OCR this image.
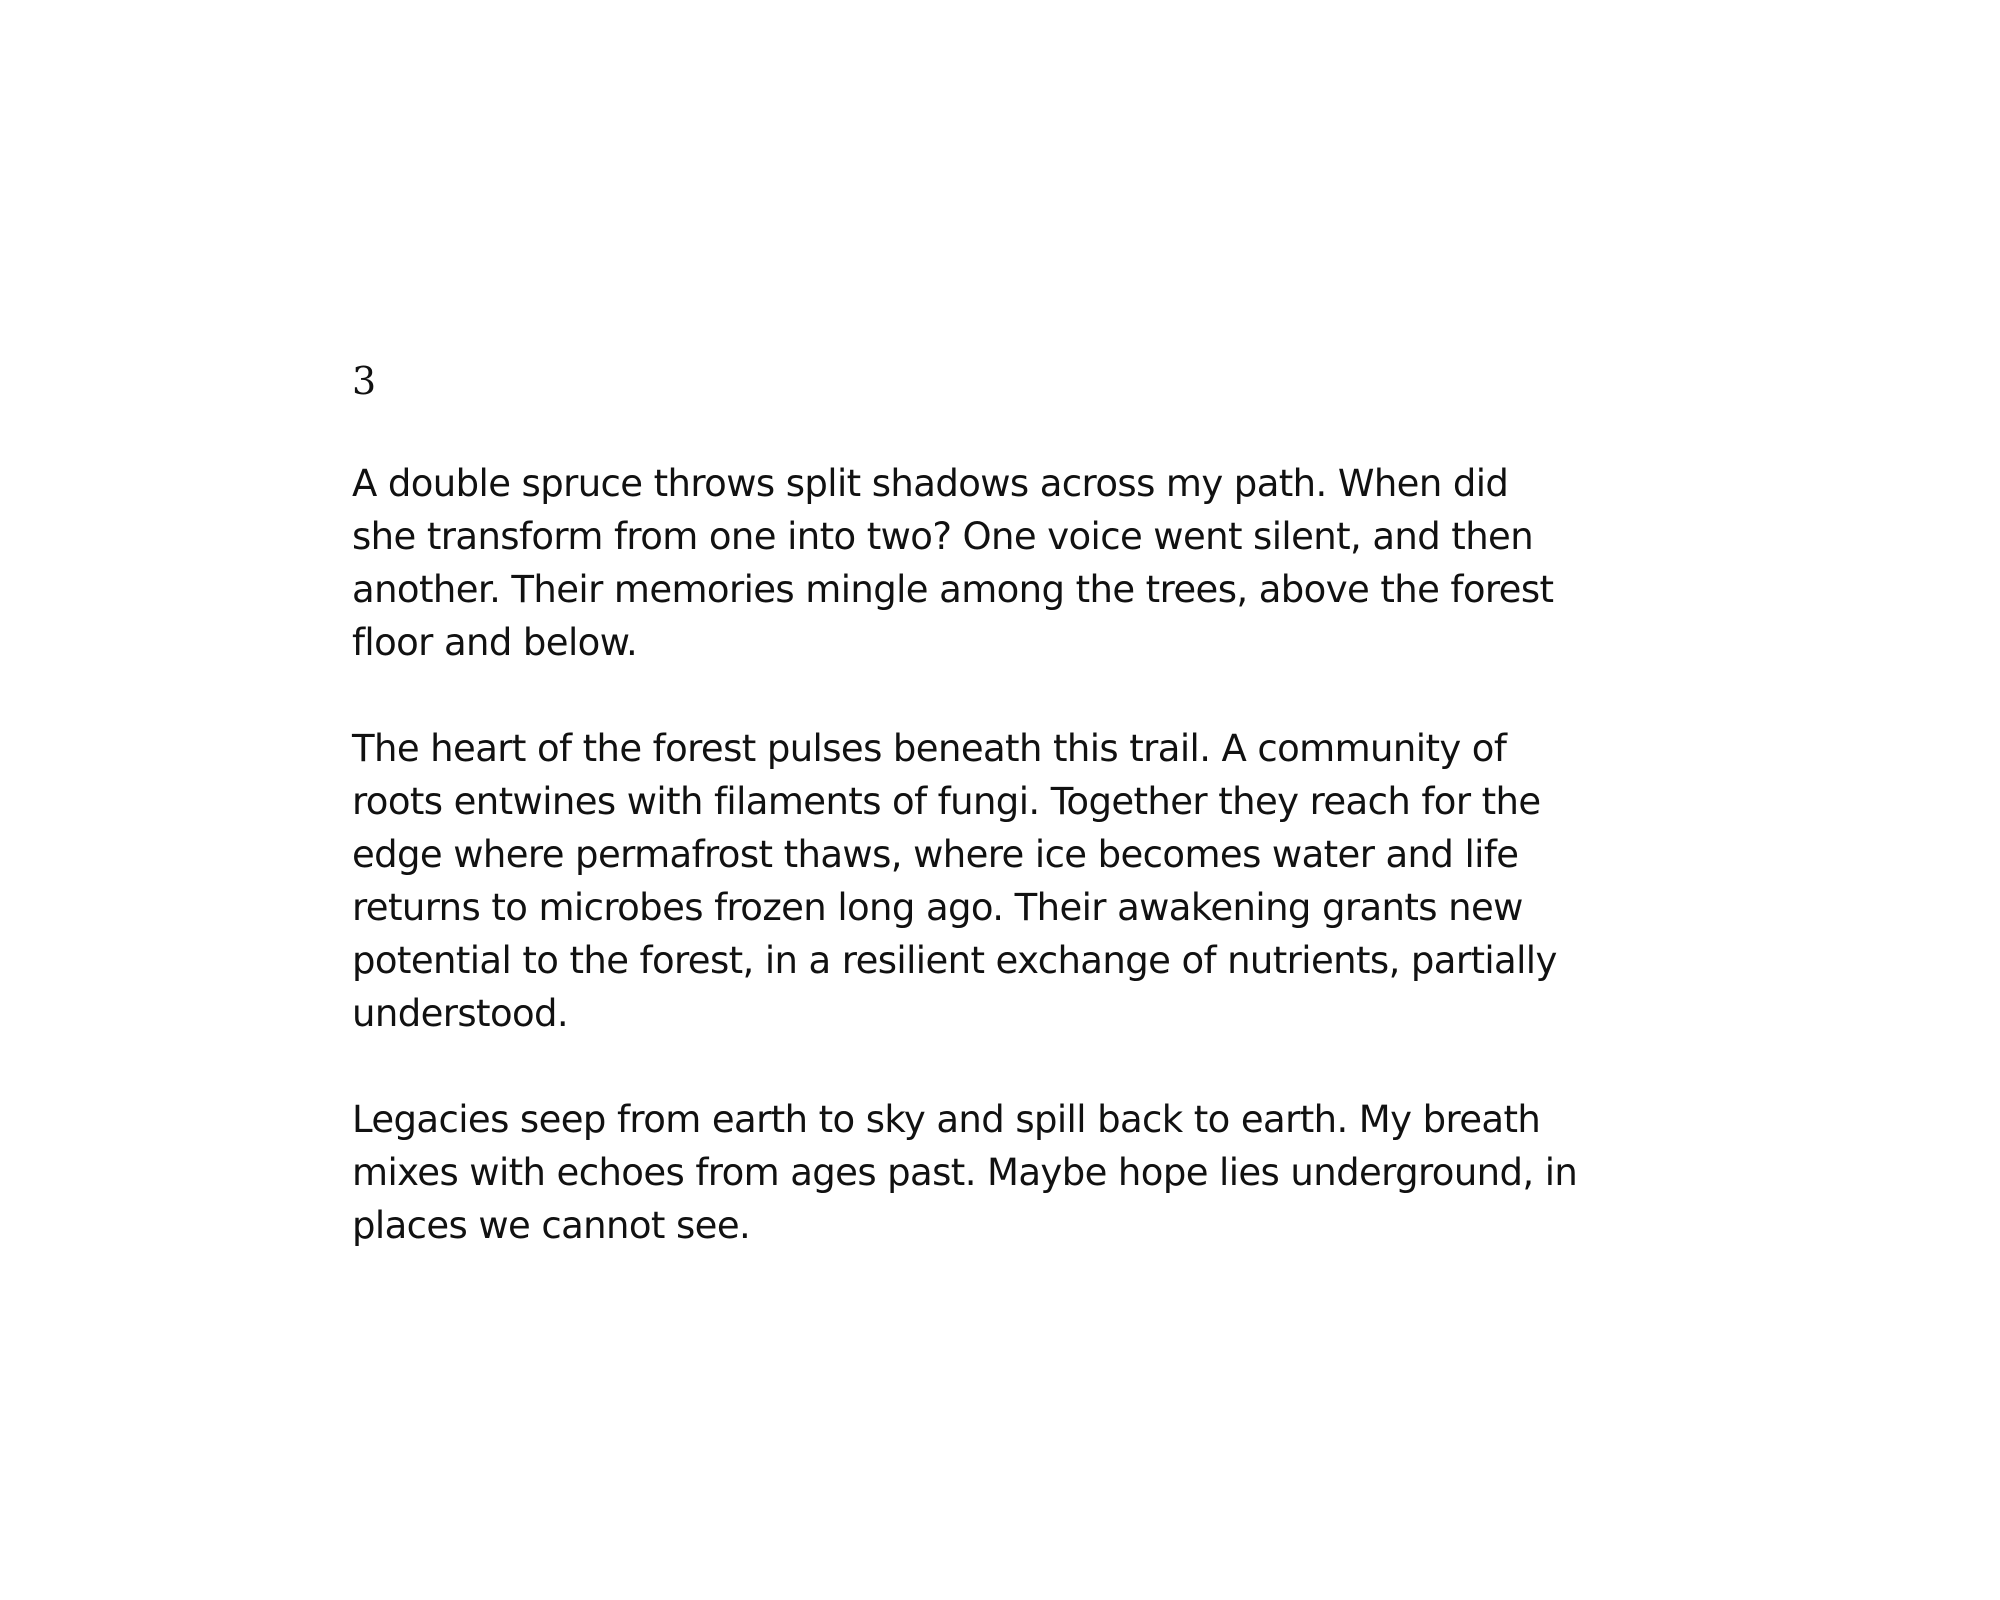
3

A double spruce throws split shadows across my path. When did
she transform from one into two? One voice went silent, and then
another. Their memories mingle among the trees, above the forest
floor and below.

The heart of the forest pulses beneath this trail. A community of
roots entwines with filaments of fungi. Together they reach for the
edge where permafrost thaws, where ice becomes water and life
returns to microbes frozen long ago. Their awakening grants new
potential to the forest, in a resilient exchange of nutrients, partially
understood.

Legacies seep from earth to sky and spill back to earth. My breath
mixes with echoes from ages past. Maybe hope lies underground, in
places we cannot see.
